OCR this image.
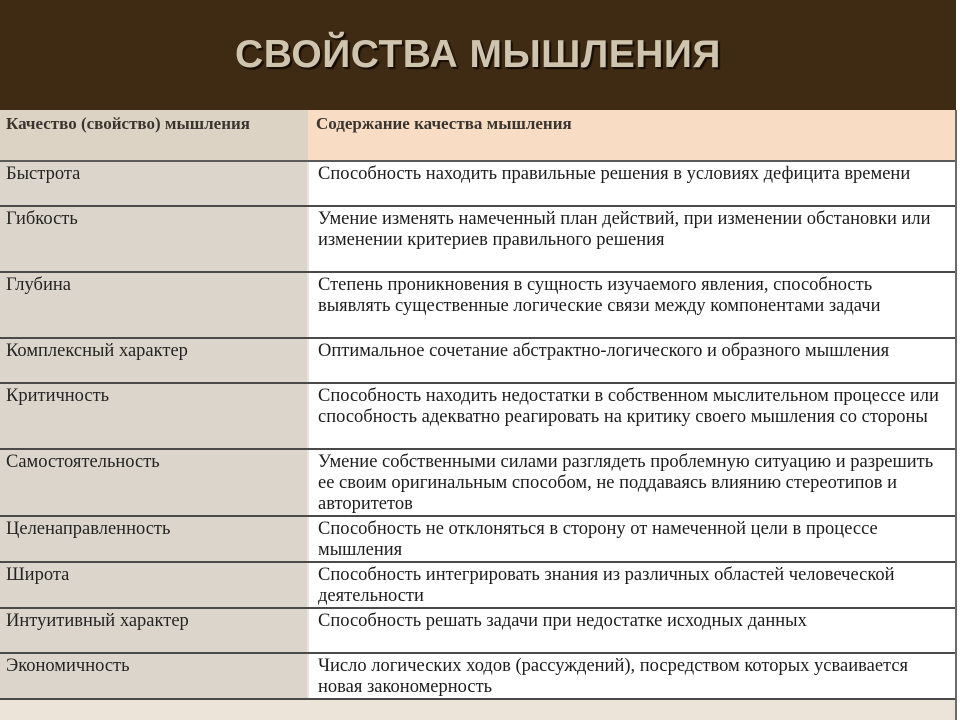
СВОЙСТВА МЫШЛЕНИЯ
Качество (свойство) мышления	Содержание качества мышления
Быстрота	Способность находить правильные решения в условиях дефицита времени
Гибкость	Умение изменять намеченный план действий, при изменении обстановки или изменении критериев правильного решения
Глубина	Степень проникновения в сущность изучаемого явления, способность выявлять существенные логические связи между компонентами задачи
Комплексный характер	Оптимальное сочетание абстрактно-логического и образного мышления
Критичность	Способность находить недостатки в собственном мыслительном процессе или способность адекватно реагировать на критику своего мышления со стороны
Самостоятельность	Умение собственными силами разглядеть проблемную ситуацию и разрешить ее своим оригинальным способом, не поддаваясь влиянию стереотипов и авторитетов
Целенаправленность	Способность не отклоняться в сторону от намеченной цели в процессе мышления
Широта	Способность интегрировать знания из различных областей человеческой деятельности
Интуитивный характер	Способность решать задачи при недостатке исходных данных
Экономичность	Число логических ходов (рассуждений), посредством которых усваивается новая закономерность
